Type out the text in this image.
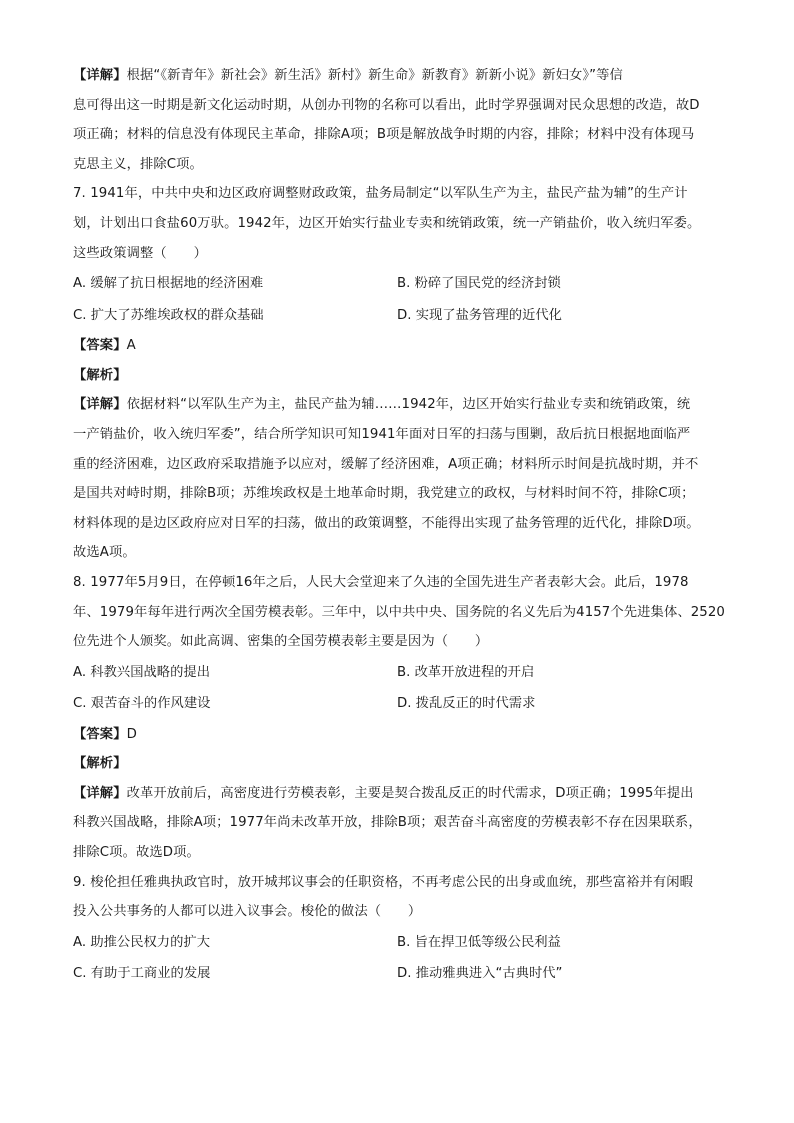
【详解】根据“《新青年》新社会》新生活》新村》新生命》新教育》新新小说》新妇女》”等信
息可得出这一时期是新文化运动时期，从创办刊物的名称可以看出，此时学界强调对民众思想的改造，故D
项正确；材料的信息没有体现民主革命，排除A项；B项是解放战争时期的内容，排除；材料中没有体现马
克思主义，排除C项。
7. 1941年，中共中央和边区政府调整财政政策，盐务局制定“以军队生产为主，盐民产盐为辅”的生产计
划，计划出口食盐60万驮。1942年，边区开始实行盐业专卖和统销政策，统一产销盐价，收入统归军委。
这些政策调整（　　）
A. 缓解了抗日根据地的经济困难	B. 粉碎了国民党的经济封锁
C. 扩大了苏维埃政权的群众基础	D. 实现了盐务管理的近代化
【答案】A
【解析】
【详解】依据材料“以军队生产为主，盐民产盐为辅……1942年，边区开始实行盐业专卖和统销政策，统
一产销盐价，收入统归军委”，结合所学知识可知1941年面对日军的扫荡与围剿，敌后抗日根据地面临严
重的经济困难，边区政府采取措施予以应对，缓解了经济困难，A项正确；材料所示时间是抗战时期，并不
是国共对峙时期，排除B项；苏维埃政权是土地革命时期，我党建立的政权，与材料时间不符，排除C项；
材料体现的是边区政府应对日军的扫荡，做出的政策调整，不能得出实现了盐务管理的近代化，排除D项。
故选A项。
8. 1977年5月9日，在停顿16年之后，人民大会堂迎来了久违的全国先进生产者表彰大会。此后，1978
年、1979年每年进行两次全国劳模表彰。三年中，以中共中央、国务院的名义先后为4157个先进集体、2520
位先进个人颁奖。如此高调、密集的全国劳模表彰主要是因为（　　）
A. 科教兴国战略的提出	B. 改革开放进程的开启
C. 艰苦奋斗的作风建设	D. 拨乱反正的时代需求
【答案】D
【解析】
【详解】改革开放前后，高密度进行劳模表彰，主要是契合拨乱反正的时代需求，D项正确；1995年提出
科教兴国战略，排除A项；1977年尚未改革开放，排除B项；艰苦奋斗高密度的劳模表彰不存在因果联系，
排除C项。故选D项。
9. 梭伦担任雅典执政官时，放开城邦议事会的任职资格，不再考虑公民的出身或血统，那些富裕并有闲暇
投入公共事务的人都可以进入议事会。梭伦的做法（　　）
A. 助推公民权力的扩大	B. 旨在捍卫低等级公民利益
C. 有助于工商业的发展	D. 推动雅典进入“古典时代”
